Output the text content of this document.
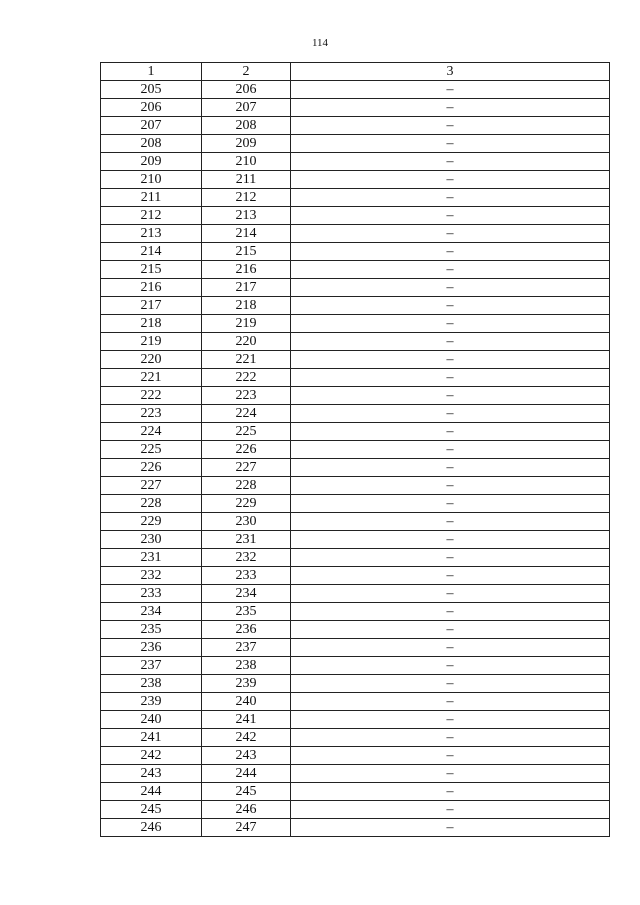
114
1	2	3
205	206	–
206	207	–
207	208	–
208	209	–
209	210	–
210	211	–
211	212	–
212	213	–
213	214	–
214	215	–
215	216	–
216	217	–
217	218	–
218	219	–
219	220	–
220	221	–
221	222	–
222	223	–
223	224	–
224	225	–
225	226	–
226	227	–
227	228	–
228	229	–
229	230	–
230	231	–
231	232	–
232	233	–
233	234	–
234	235	–
235	236	–
236	237	–
237	238	–
238	239	–
239	240	–
240	241	–
241	242	–
242	243	–
243	244	–
244	245	–
245	246	–
246	247	–
